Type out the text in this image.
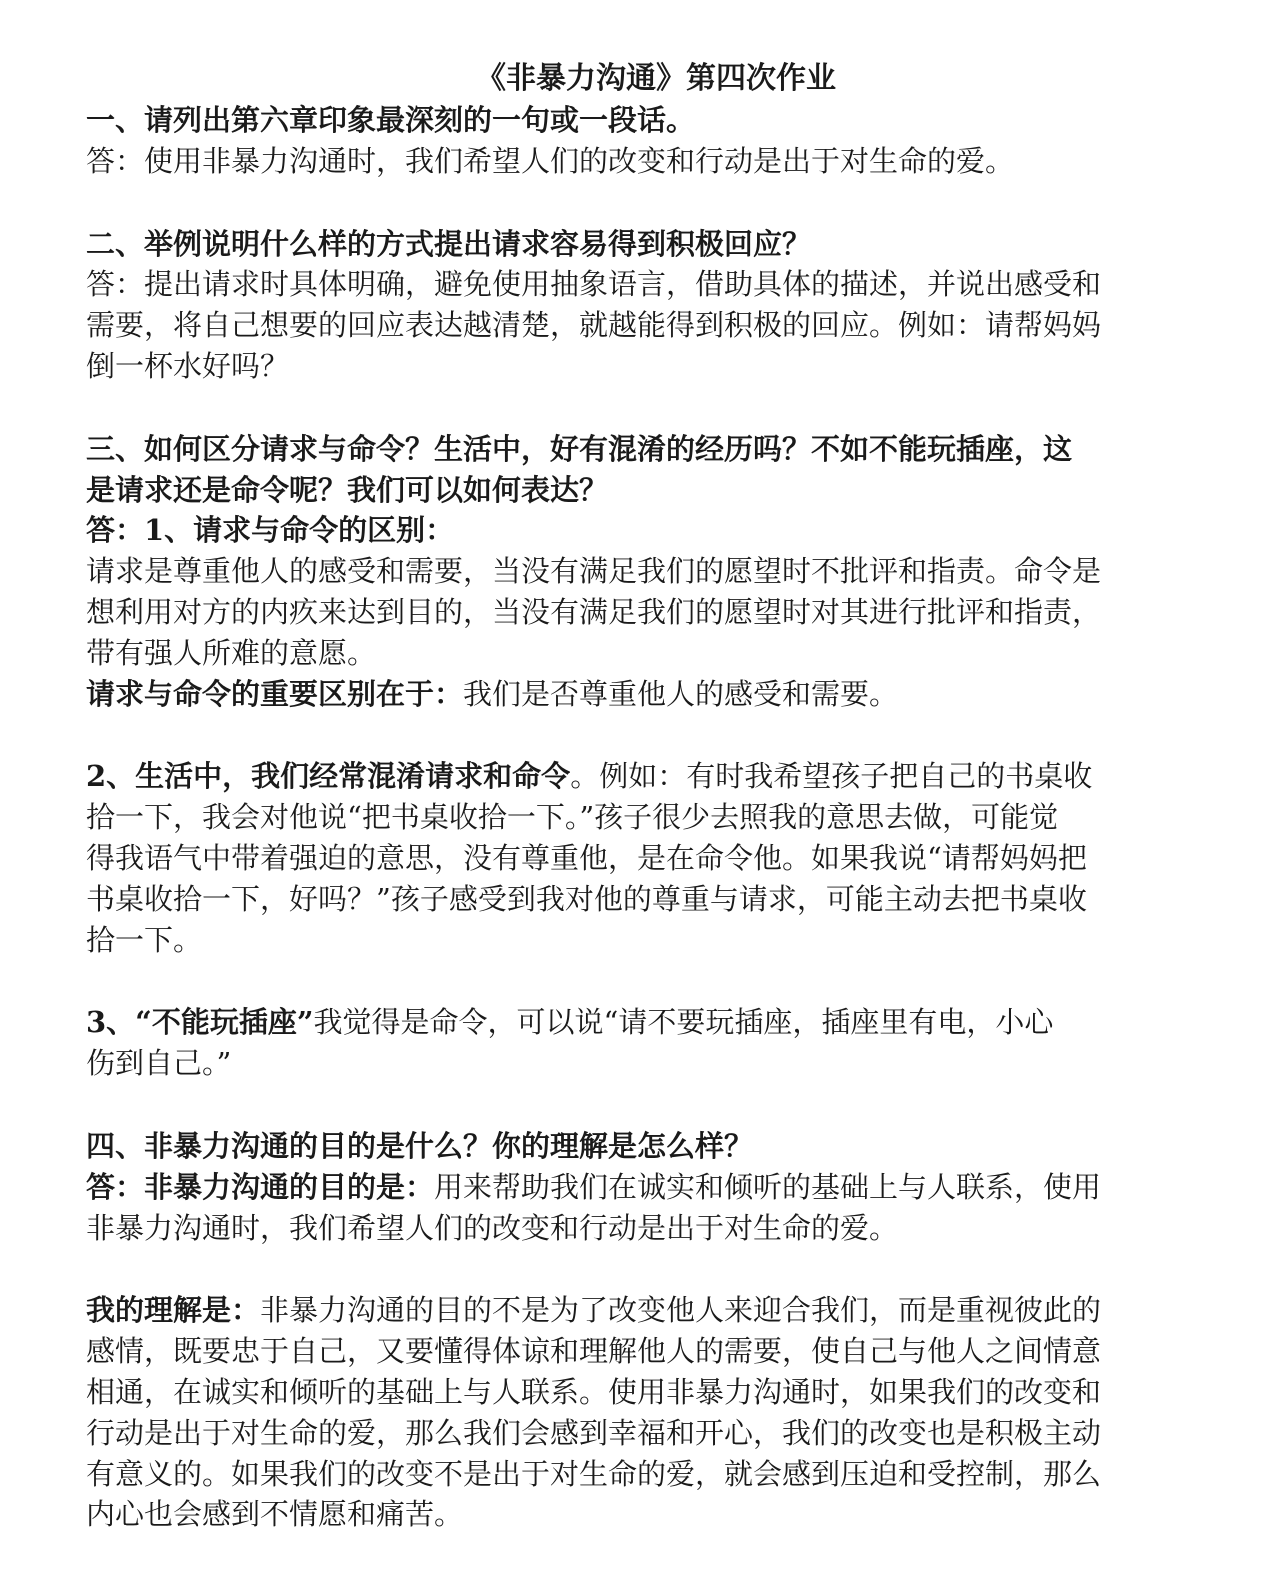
《非暴力沟通》第四次作业
一、请列出第六章印象最深刻的一句或一段话。
答：使用非暴力沟通时，我们希望人们的改变和行动是出于对生命的爱。
二、举例说明什么样的方式提出请求容易得到积极回应？
答：提出请求时具体明确，避免使用抽象语言，借助具体的描述，并说出感受和
需要，将自己想要的回应表达越清楚，就越能得到积极的回应。例如：请帮妈妈
倒一杯水好吗？
三、如何区分请求与命令？生活中，好有混淆的经历吗？不如不能玩插座，这
是请求还是命令呢？我们可以如何表达？
答：1、请求与命令的区别：
请求是尊重他人的感受和需要，当没有满足我们的愿望时不批评和指责。命令是
想利用对方的内疚来达到目的，当没有满足我们的愿望时对其进行批评和指责，
带有强人所难的意愿。
请求与命令的重要区别在于：我们是否尊重他人的感受和需要。
2、生活中，我们经常混淆请求和命令。例如：有时我希望孩子把自己的书桌收
拾一下，我会对他说“把书桌收拾一下。”孩子很少去照我的意思去做，可能觉
得我语气中带着强迫的意思，没有尊重他，是在命令他。如果我说“请帮妈妈把
书桌收拾一下，好吗？”孩子感受到我对他的尊重与请求，可能主动去把书桌收
拾一下。
3、“不能玩插座”我觉得是命令，可以说“请不要玩插座，插座里有电，小心
伤到自己。”
四、非暴力沟通的目的是什么？你的理解是怎么样？
答：非暴力沟通的目的是：用来帮助我们在诚实和倾听的基础上与人联系，使用
非暴力沟通时，我们希望人们的改变和行动是出于对生命的爱。
我的理解是：非暴力沟通的目的不是为了改变他人来迎合我们，而是重视彼此的
感情，既要忠于自己，又要懂得体谅和理解他人的需要，使自己与他人之间情意
相通，在诚实和倾听的基础上与人联系。使用非暴力沟通时，如果我们的改变和
行动是出于对生命的爱，那么我们会感到幸福和开心，我们的改变也是积极主动
有意义的。如果我们的改变不是出于对生命的爱，就会感到压迫和受控制，那么
内心也会感到不情愿和痛苦。
